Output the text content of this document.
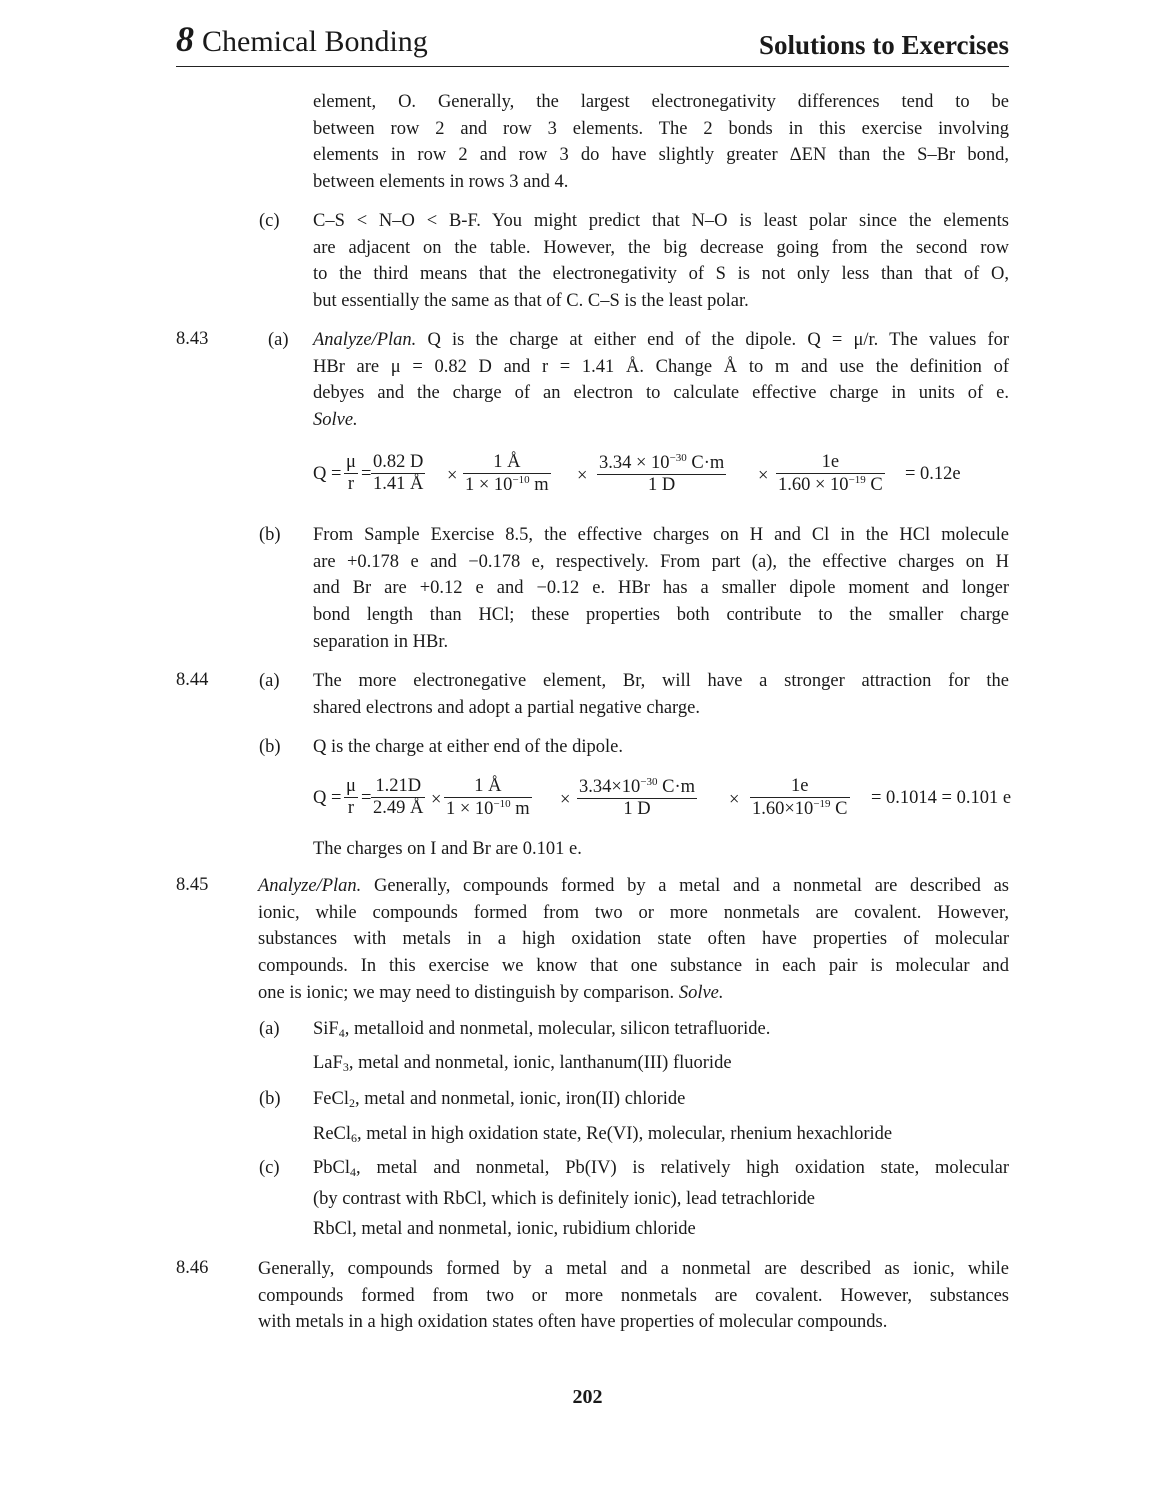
8 Chemical Bonding	Solutions to Exercises
element, O. Generally, the largest electronegativity differences tend to be
between row 2 and row 3 elements. The 2 bonds in this exercise involving
elements in row 2 and row 3 do have slightly greater ΔEN than the S–Br bond,
between elements in rows 3 and 4.
(c) C–S < N–O < B-F. You might predict that N–O is least polar since the elements
are adjacent on the table. However, the big decrease going from the second row
to the third means that the electronegativity of S is not only less than that of O,
but essentially the same as that of C. C–S is the least polar.
8.43	(a) Analyze/Plan. Q is the charge at either end of the dipole. Q = μ/r. The values for
HBr are μ = 0.82 D and r = 1.41 Å. Change Å to m and use the definition of
debyes and the charge of an electron to calculate effective charge in units of e.
Solve.
$Q = \frac{\mu}{r} = \frac{0.82 D}{1.41 Å} \times \frac{1 Å}{1 \times 10^{-10} m} \times \frac{3.34 \times 10^{-30} C\cdot m}{1 D} \times \frac{1e}{1.60 \times 10^{-19} C} = 0.12e$
(b) From Sample Exercise 8.5, the effective charges on H and Cl in the HCl molecule
are +0.178 e and −0.178 e, respectively. From part (a), the effective charges on H
and Br are +0.12 e and −0.12 e. HBr has a smaller dipole moment and longer
bond length than HCl; these properties both contribute to the smaller charge
separation in HBr.
8.44	(a) The more electronegative element, Br, will have a stronger attraction for the
shared electrons and adopt a partial negative charge.
(b) Q is the charge at either end of the dipole.
$Q = \frac{\mu}{r} = \frac{1.21D}{2.49 Å} \times \frac{1 Å}{1 \times 10^{-10} m} \times \frac{3.34\times 10^{-30} C\cdot m}{1 D} \times \frac{1e}{1.60\times 10^{-19} C} = 0.1014 = 0.101$ e
The charges on I and Br are 0.101 e.
8.45	Analyze/Plan. Generally, compounds formed by a metal and a nonmetal are described as
ionic, while compounds formed from two or more nonmetals are covalent. However,
substances with metals in a high oxidation state often have properties of molecular
compounds. In this exercise we know that one substance in each pair is molecular and
one is ionic; we may need to distinguish by comparison. Solve.
(a) SiF$_4$, metalloid and nonmetal, molecular, silicon tetrafluoride.
LaF$_3$, metal and nonmetal, ionic, lanthanum(III) fluoride
(b) FeCl$_2$, metal and nonmetal, ionic, iron(II) chloride
ReCl$_6$, metal in high oxidation state, Re(VI), molecular, rhenium hexachloride
(c) PbCl$_4$, metal and nonmetal, Pb(IV) is relatively high oxidation state, molecular
(by contrast with RbCl, which is definitely ionic), lead tetrachloride
RbCl, metal and nonmetal, ionic, rubidium chloride
8.46	Generally, compounds formed by a metal and a nonmetal are described as ionic, while
compounds formed from two or more nonmetals are covalent. However, substances
with metals in a high oxidation states often have properties of molecular compounds.
202
